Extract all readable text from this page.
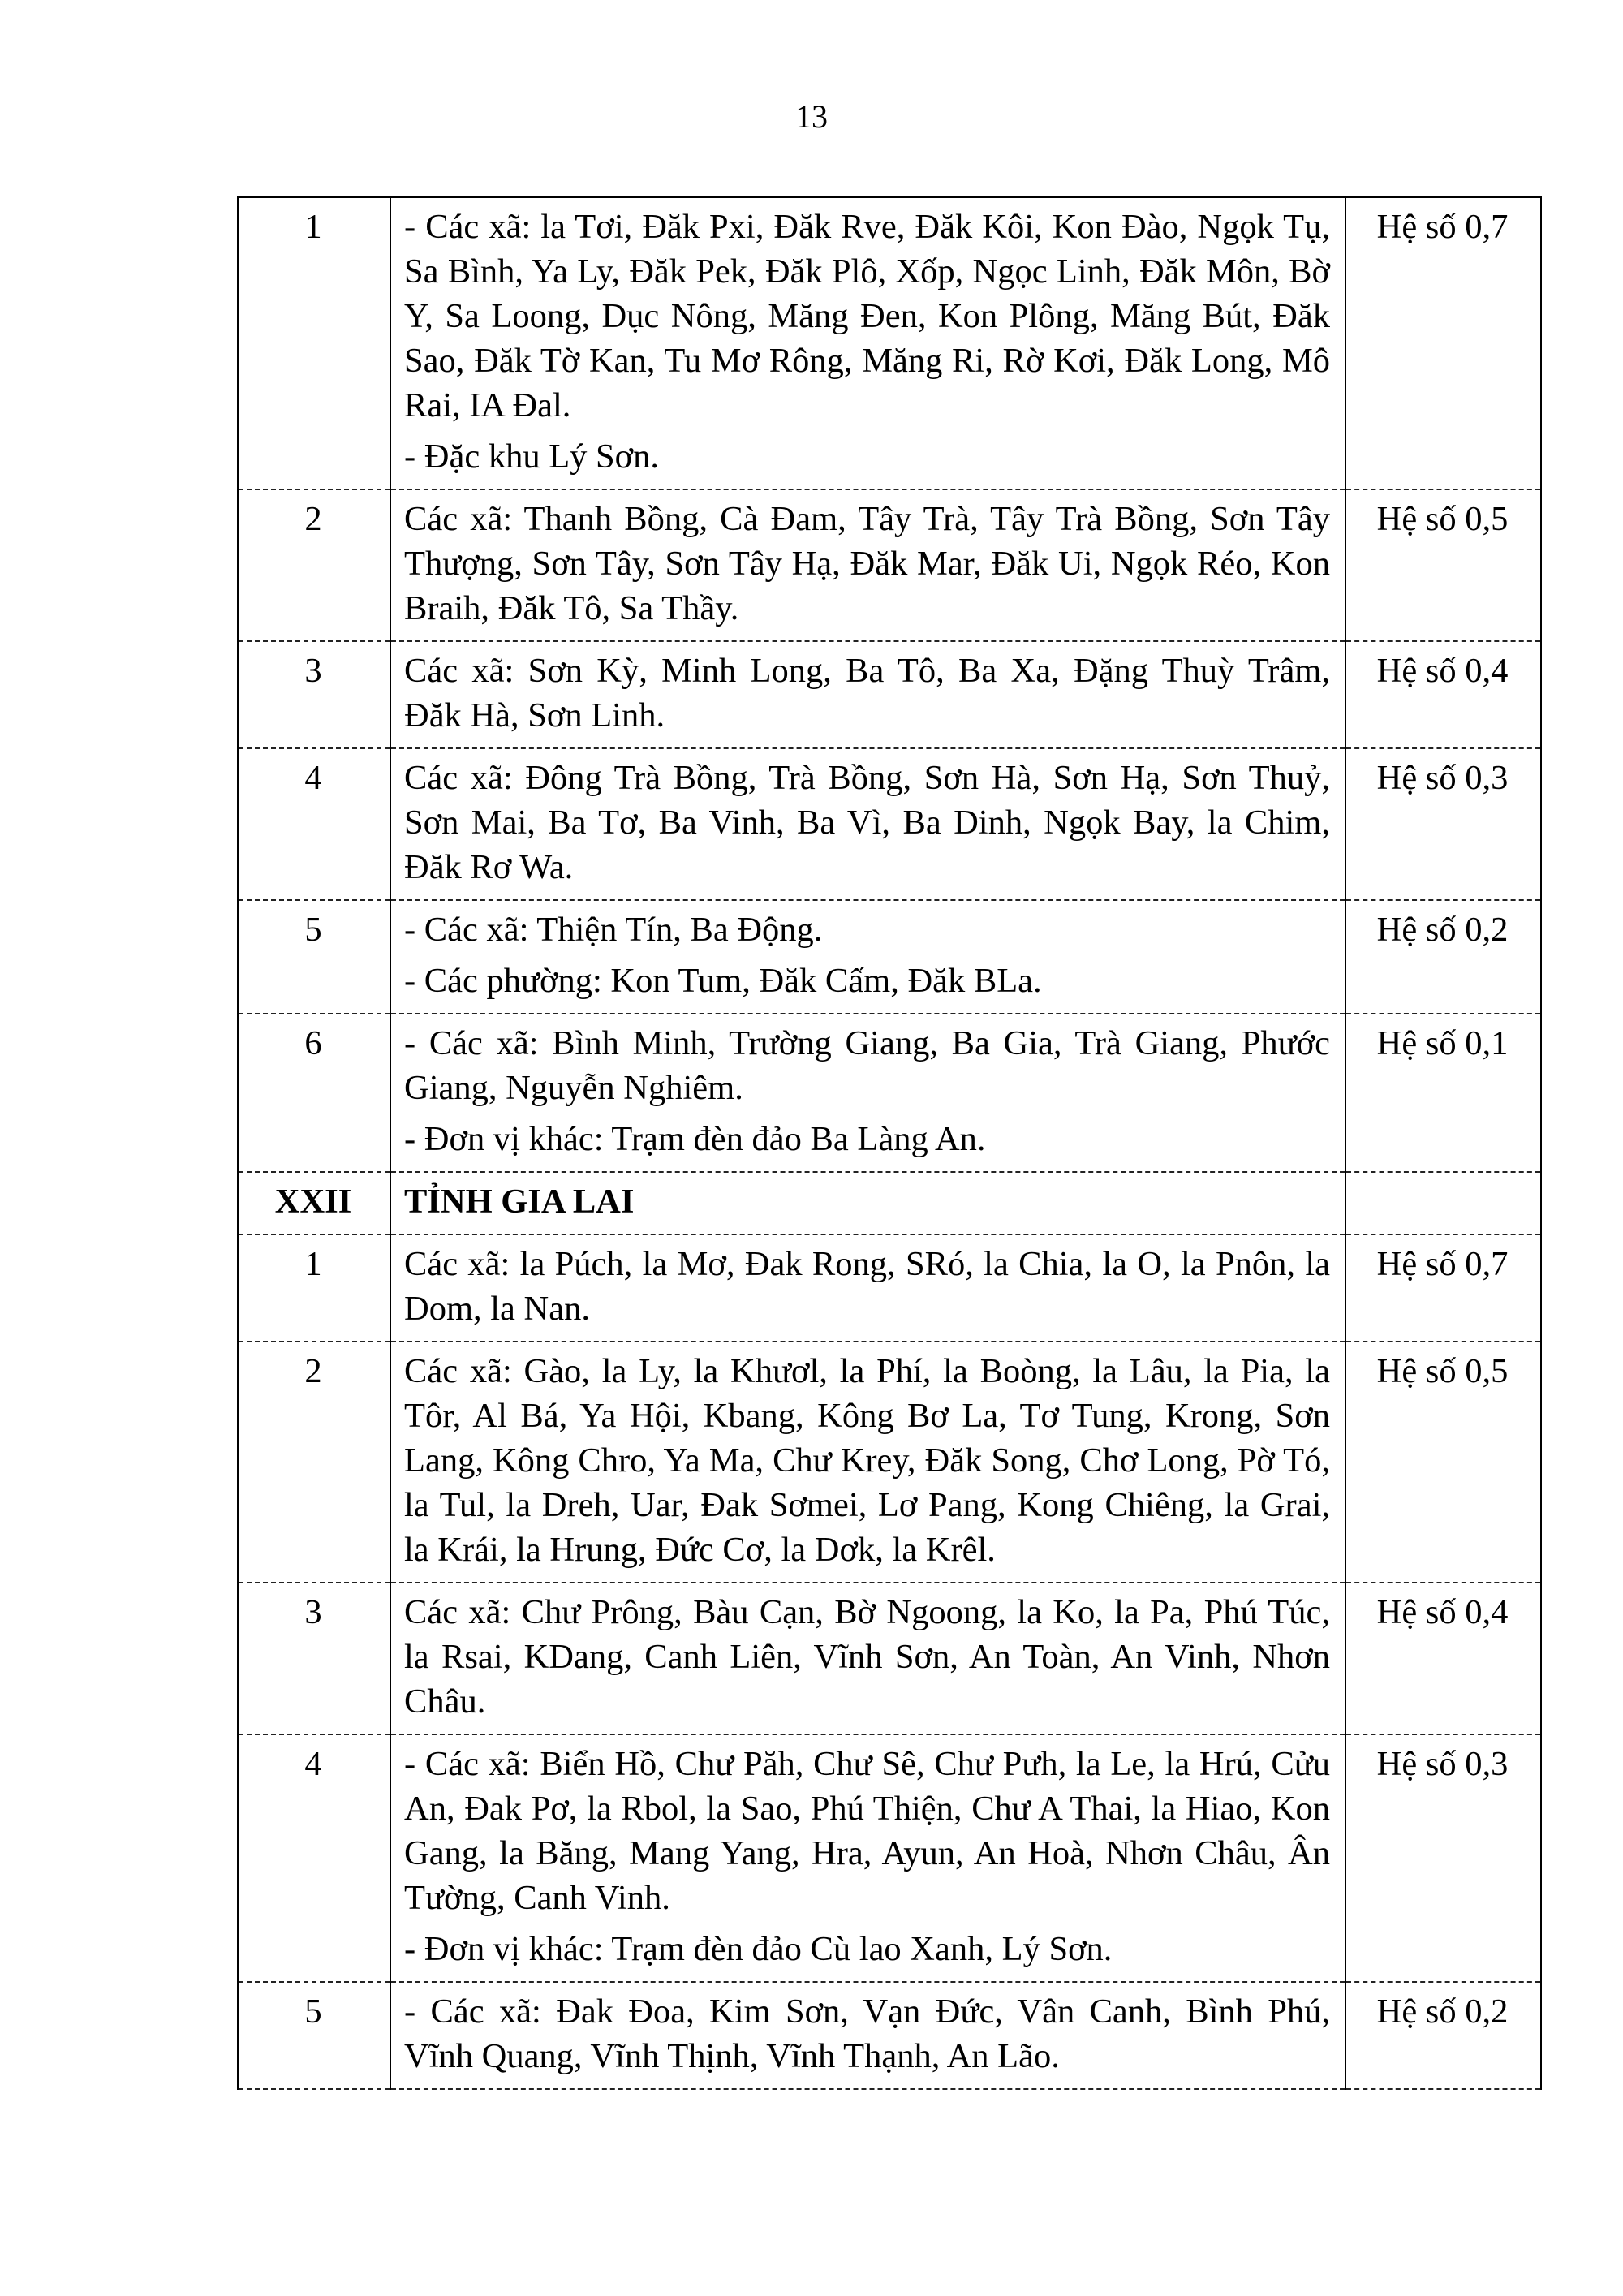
13
1	- Các xã: la Tơi, Đăk Pxi, Đăk Rve, Đăk Kôi, Kon Đào, Ngọk Tụ, Sa Bình, Ya Ly, Đăk Pek, Đăk Plô, Xốp, Ngọc Linh, Đăk Môn, Bờ Y, Sa Loong, Dục Nông, Măng Đen, Kon Plông, Măng Bút, Đăk Sao, Đăk Tờ Kan, Tu Mơ Rông, Măng Ri, Rờ Kơi, Đăk Long, Mô Rai, IA Đal.
- Đặc khu Lý Sơn.	Hệ số 0,7
2	Các xã: Thanh Bồng, Cà Đam, Tây Trà, Tây Trà Bồng, Sơn Tây Thượng, Sơn Tây, Sơn Tây Hạ, Đăk Mar, Đăk Ui, Ngọk Réo, Kon Braih, Đăk Tô, Sa Thầy.	Hệ số 0,5
3	Các xã: Sơn Kỳ, Minh Long, Ba Tô, Ba Xa, Đặng Thuỳ Trâm, Đăk Hà, Sơn Linh.	Hệ số 0,4
4	Các xã: Đông Trà Bồng, Trà Bồng, Sơn Hà, Sơn Hạ, Sơn Thuỷ, Sơn Mai, Ba Tơ, Ba Vinh, Ba Vì, Ba Dinh, Ngọk Bay, la Chim, Đăk Rơ Wa.	Hệ số 0,3
5	- Các xã: Thiện Tín, Ba Động.
- Các phường: Kon Tum, Đăk Cấm, Đăk BLa.	Hệ số 0,2
6	- Các xã: Bình Minh, Trường Giang, Ba Gia, Trà Giang, Phước Giang, Nguyễn Nghiêm.
- Đơn vị khác: Trạm đèn đảo Ba Làng An.	Hệ số 0,1
XXII	TỈNH GIA LAI	

1	Các xã: la Púch, la Mơ, Đak Rong, SRó, la Chia, la O, la Pnôn, la Dom, la Nan.	Hệ số 0,7
2	Các xã: Gào, la Ly, la Khươl, la Phí, la Boòng, la Lâu, la Pia, la Tôr, Al Bá, Ya Hội, Kbang, Kông Bơ La, Tơ Tung, Krong, Sơn Lang, Kông Chro, Ya Ma, Chư Krey, Đăk Song, Chơ Long, Pờ Tó, la Tul, la Dreh, Uar, Đak Sơmei, Lơ Pang, Kong Chiêng, la Grai, la Krái, la Hrung, Đức Cơ, la Dơk, la Krêl.	Hệ số 0,5
3	Các xã: Chư Prông, Bàu Cạn, Bờ Ngoong, la Ko, la Pa, Phú Túc, la Rsai, KDang, Canh Liên, Vĩnh Sơn, An Toàn, An Vinh, Nhơn Châu.	Hệ số 0,4
4	- Các xã: Biển Hồ, Chư Păh, Chư Sê, Chư Pưh, la Le, la Hrú, Cửu An, Đak Pơ, la Rbol, la Sao, Phú Thiện, Chư A Thai, la Hiao, Kon Gang, la Băng, Mang Yang, Hra, Ayun, An Hoà, Nhơn Châu, Ân Tường, Canh Vinh.
- Đơn vị khác: Trạm đèn đảo Cù lao Xanh, Lý Sơn.	Hệ số 0,3
5	- Các xã: Đak Đoa, Kim Sơn, Vạn Đức, Vân Canh, Bình Phú, Vĩnh Quang, Vĩnh Thịnh, Vĩnh Thạnh, An Lão.	Hệ số 0,2
